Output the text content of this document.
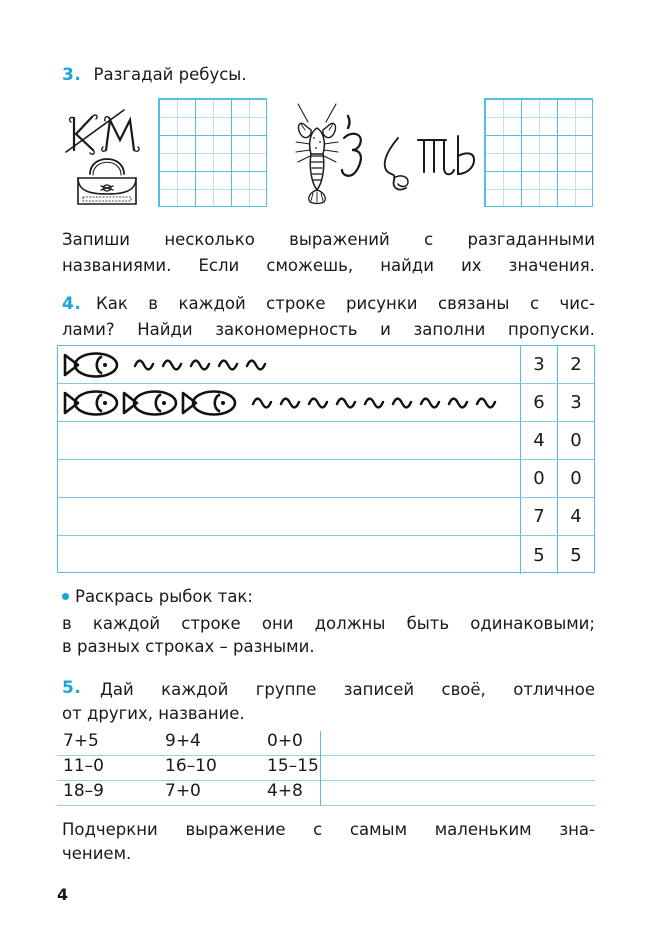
3. Разгадай ребусы.
Запиши несколько выражений с разгаданными
названиями. Если сможешь, найди их значения.
4. Как в каждой строке рисунки связаны с чис-
лами? Найди закономерность и заполни пропуски.
3	2
6	3
4	0
0	0
7	4
5	5
Раскрась рыбок так:
в каждой строке они должны быть одинаковыми;
в разных строках – разными.
5. Дай каждой группе записей своё, отличное
от других, название.
7+5	9+4	0+0
11–0	16–10	15–15
18–9	7+0	4+8
Подчеркни выражение с самым маленьким зна-
чением.
4
